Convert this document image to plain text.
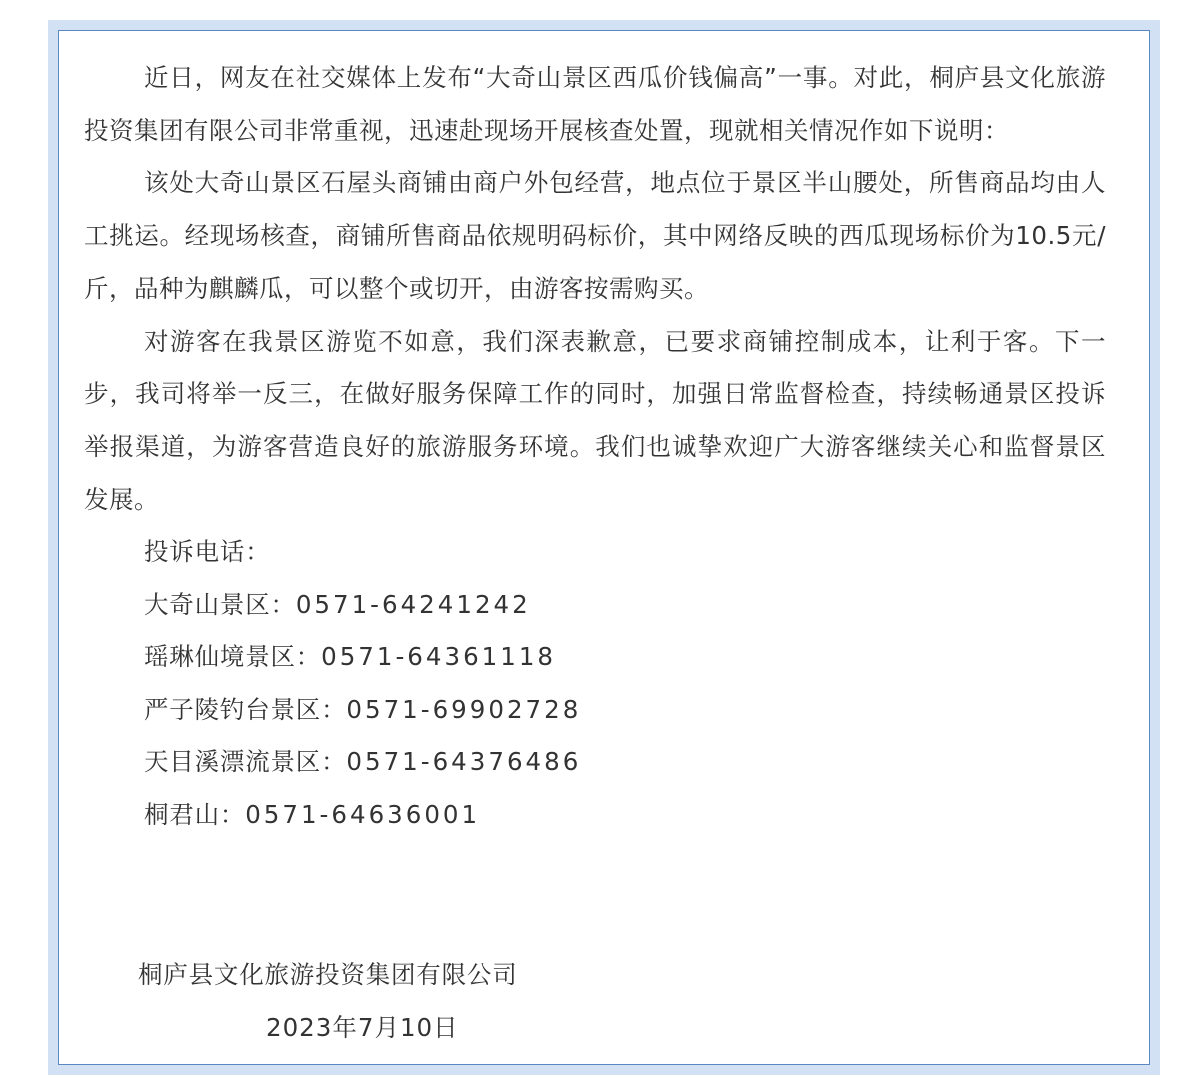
近日，网友在社交媒体上发布“大奇山景区西瓜价钱偏高”一事。对此，桐庐县文化旅游投资集团有限公司非常重视，迅速赴现场开展核查处置，现就相关情况作如下说明：

该处大奇山景区石屋头商铺由商户外包经营，地点位于景区半山腰处，所售商品均由人工挑运。经现场核查，商铺所售商品依规明码标价，其中网络反映的西瓜现场标价为10.5元/斤，品种为麒麟瓜，可以整个或切开，由游客按需购买。

对游客在我景区游览不如意，我们深表歉意，已要求商铺控制成本，让利于客。下一步，我司将举一反三，在做好服务保障工作的同时，加强日常监督检查，持续畅通景区投诉举报渠道，为游客营造良好的旅游服务环境。我们也诚挚欢迎广大游客继续关心和监督景区发展。

投诉电话：

大奇山景区：0571-64241242

瑶琳仙境景区：0571-64361118

严子陵钓台景区：0571-69902728

天目溪漂流景区：0571-64376486

桐君山：0571-64636001

桐庐县文化旅游投资集团有限公司
2023年7月10日
